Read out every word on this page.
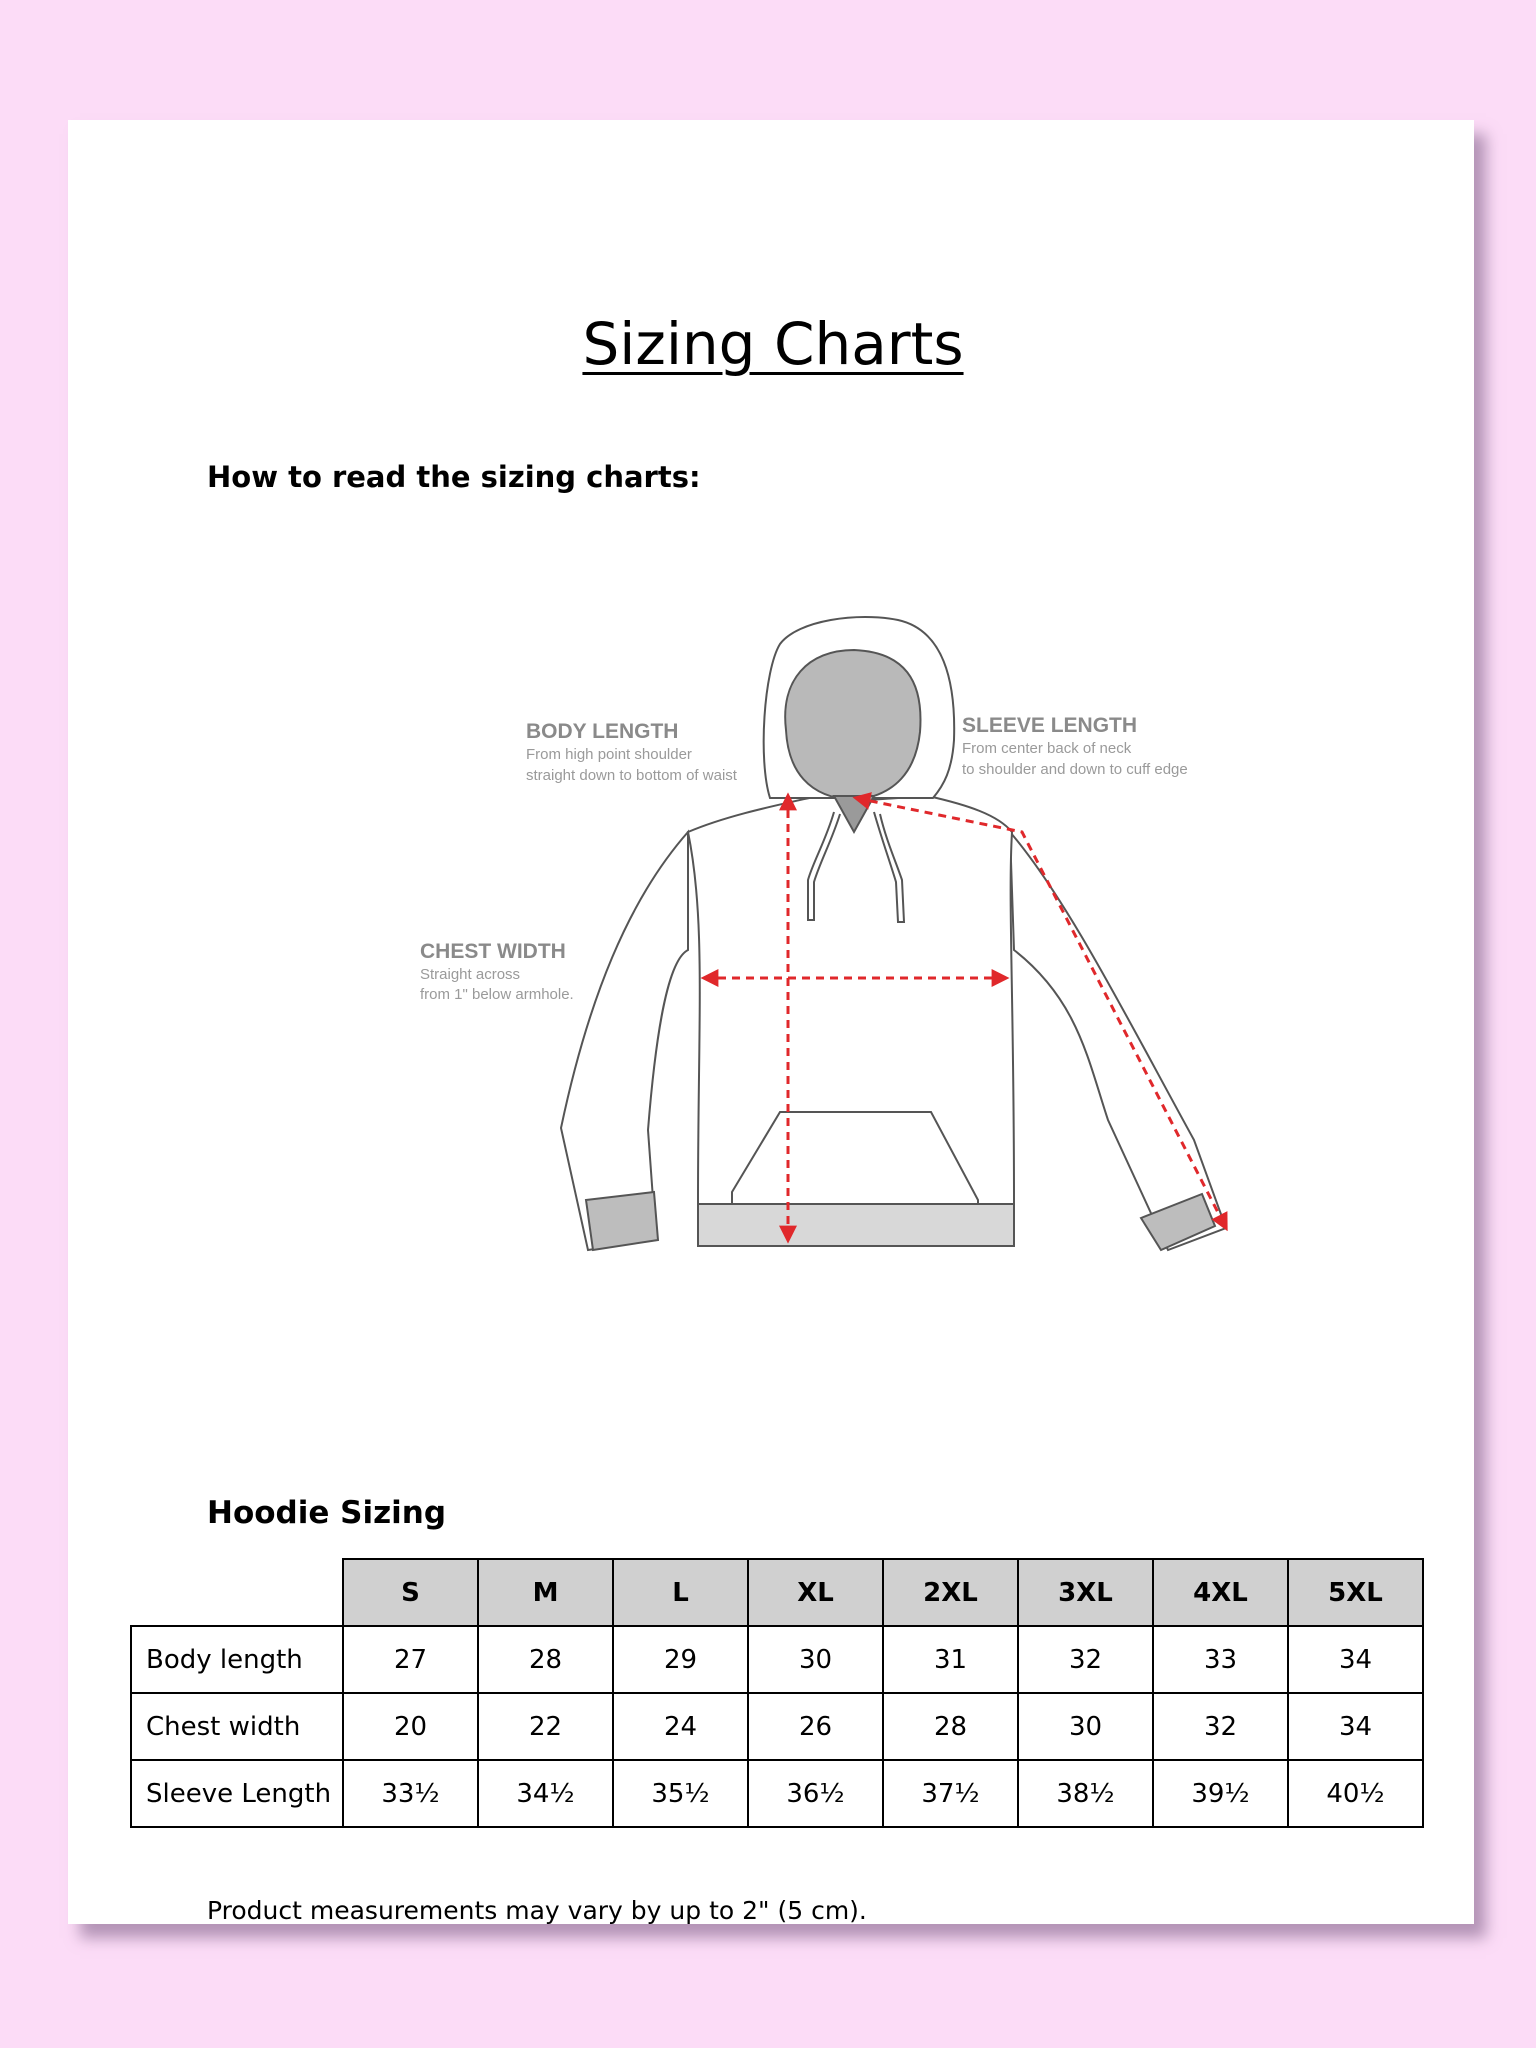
Sizing Charts
How to read the sizing charts:
BODY LENGTH
From high point shoulder
straight down to bottom of waist
SLEEVE LENGTH
From center back of neck
to shoulder and down to cuff edge
CHEST WIDTH
Straight across
from 1" below armhole.
Hoodie Sizing
	S	M	L	XL	2XL	3XL	4XL	5XL
Body length	27	28	29	30	31	32	33	34
Chest width	20	22	24	26	28	30	32	34
Sleeve Length	33½	34½	35½	36½	37½	38½	39½	40½

Product measurements may vary by up to 2" (5 cm).
